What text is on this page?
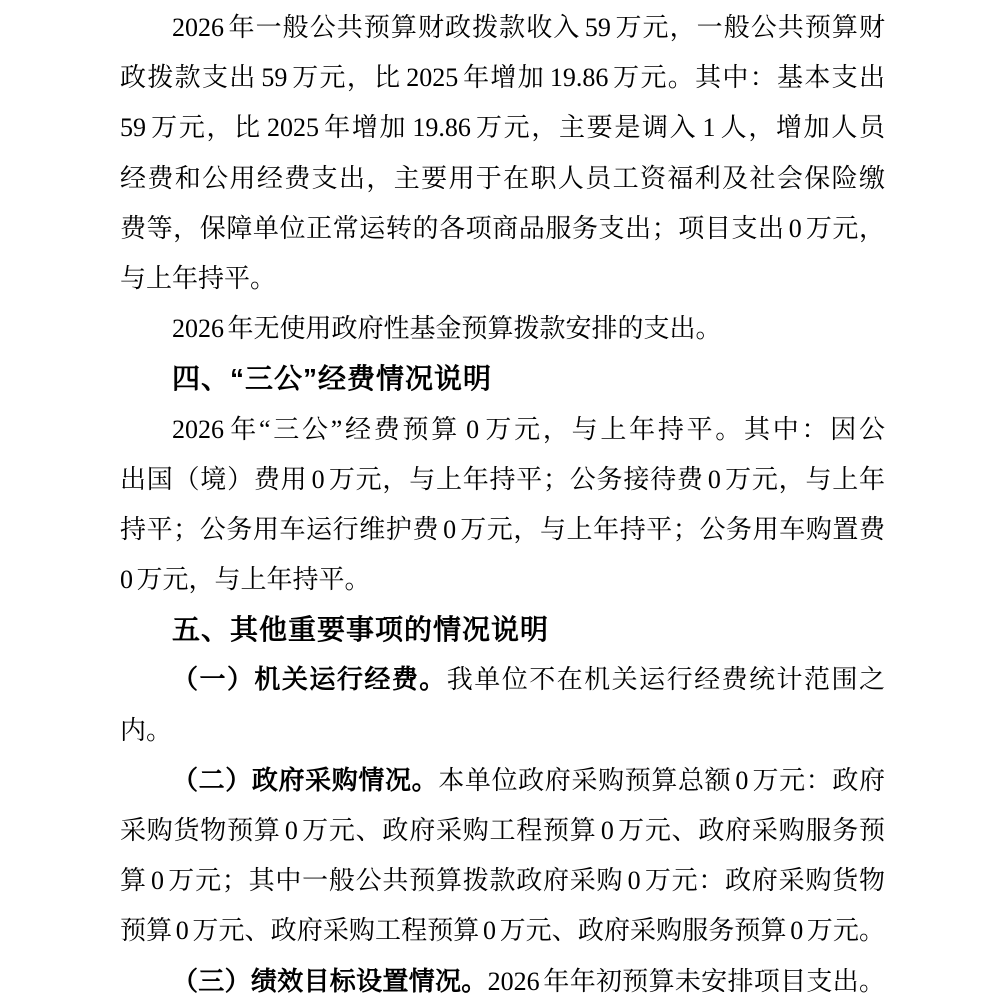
2026 年一般公共预算财政拨款收入 59 万元，一般公共预算财
政拨款支出 59 万元，比 2025 年增加 19.86 万元。其中：基本支出
59 万元，比 2025 年增加 19.86 万元，主要是调入 1 人，增加人员
经费和公用经费支出，主要用于在职人员工资福利及社会保险缴
费等，保障单位正常运转的各项商品服务支出；项目支出 0 万元，
与上年持平。
2026 年无使用政府性基金预算拨款安排的支出。
四、“三公”经费情况说明
2026 年“三公”经费预算 0 万元，与上年持平。其中：因公
出国（境）费用 0 万元，与上年持平；公务接待费 0 万元，与上年
持平；公务用车运行维护费 0 万元，与上年持平；公务用车购置费
0 万元，与上年持平。
五、其他重要事项的情况说明
（一）机关运行经费。我单位不在机关运行经费统计范围之
内。
（二）政府采购情况。本单位政府采购预算总额 0 万元：政府
采购货物预算 0 万元、政府采购工程预算 0 万元、政府采购服务预
算 0 万元；其中一般公共预算拨款政府采购 0 万元：政府采购货物
预算 0 万元、政府采购工程预算 0 万元、政府采购服务预算 0 万元。
（三）绩效目标设置情况。2026 年年初预算未安排项目支出。
